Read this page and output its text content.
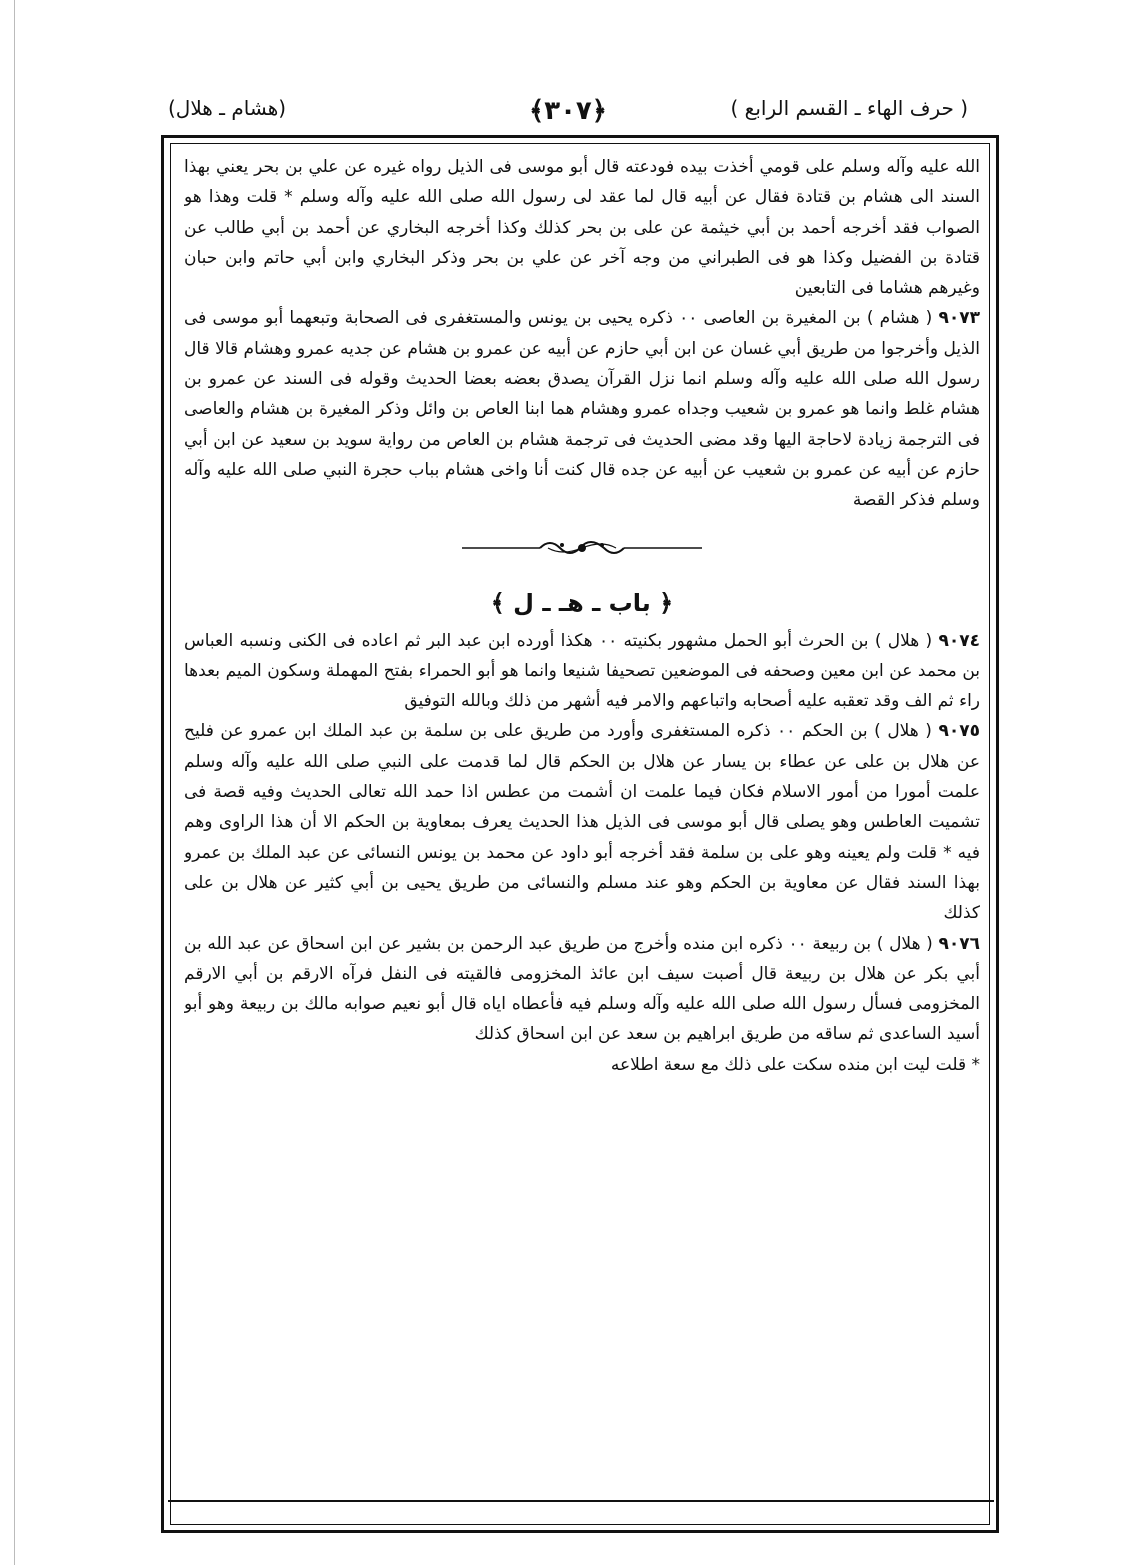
( حرف الهاء ـ القسم الرابع )
﴿٣٠٧﴾
(هشام ـ هلال)

الله عليه وآله وسلم على قومي أخذت بيده فودعته قال أبو موسى فى الذيل رواه غيره عن علي بن بحر يعني بهذا السند الى هشام بن قتادة فقال عن أبيه قال لما عقد لى رسول الله صلى الله عليه وآله وسلم * قلت وهذا هو الصواب فقد أخرجه أحمد بن أبي خيثمة عن على بن بحر كذلك وكذا أخرجه البخاري عن أحمد بن أبي طالب عن قتادة بن الفضيل وكذا هو فى الطبراني من وجه آخر عن علي بن بحر وذكر البخاري وابن أبي حاتم وابن حبان وغيرهم هشاما فى التابعين

٩٠٧٣ ( هشام ) بن المغيرة بن العاصى ٠٠ ذكره يحيى بن يونس والمستغفرى فى الصحابة وتبعهما أبو موسى فى الذيل وأخرجوا من طريق أبي غسان عن ابن أبي حازم عن أبيه عن عمرو بن هشام عن جديه عمرو وهشام قالا قال رسول الله صلى الله عليه وآله وسلم انما نزل القرآن يصدق بعضه بعضا الحديث وقوله فى السند عن عمرو بن هشام غلط وانما هو عمرو بن شعيب وجداه عمرو وهشام هما ابنا العاص بن وائل وذكر المغيرة بن هشام والعاصى فى الترجمة زيادة لاحاجة اليها وقد مضى الحديث فى ترجمة هشام بن العاص من رواية سويد بن سعيد عن ابن أبي حازم عن أبيه عن عمرو بن شعيب عن أبيه عن جده قال كنت أنا واخى هشام بباب حجرة النبي صلى الله عليه وآله وسلم فذكر القصة

﴿ باب ـ هـ ـ ل ﴾

٩٠٧٤ ( هلال ) بن الحرث أبو الحمل مشهور بكنيته ٠٠ هكذا أورده ابن عبد البر ثم اعاده فى الكنى ونسبه العباس بن محمد عن ابن معين وصحفه فى الموضعين تصحيفا شنيعا وانما هو أبو الحمراء بفتح المهملة وسكون الميم بعدها راء ثم الف وقد تعقبه عليه أصحابه واتباعهم والامر فيه أشهر من ذلك وبالله التوفيق

٩٠٧٥ ( هلال ) بن الحكم ٠٠ ذكره المستغفرى وأورد من طريق على بن سلمة بن عبد الملك ابن عمرو عن فليح عن هلال بن على عن عطاء بن يسار عن هلال بن الحكم قال لما قدمت على النبي صلى الله عليه وآله وسلم علمت أمورا من أمور الاسلام فكان فيما علمت ان أشمت من عطس اذا حمد الله تعالى الحديث وفيه قصة فى تشميت العاطس وهو يصلى قال أبو موسى فى الذيل هذا الحديث يعرف بمعاوية بن الحكم الا أن هذا الراوى وهم فيه * قلت ولم يعينه وهو على بن سلمة فقد أخرجه أبو داود عن محمد بن يونس النسائى عن عبد الملك بن عمرو بهذا السند فقال عن معاوية بن الحكم وهو عند مسلم والنسائى من طريق يحيى بن أبي كثير عن هلال بن على كذلك

٩٠٧٦ ( هلال ) بن ربيعة ٠٠ ذكره ابن منده وأخرج من طريق عبد الرحمن بن بشير عن ابن اسحاق عن عبد الله بن أبي بكر عن هلال بن ربيعة قال أصبت سيف ابن عائذ المخزومى فالقيته فى النفل فرآه الارقم بن أبي الارقم المخزومى فسأل رسول الله صلى الله عليه وآله وسلم فيه فأعطاه اياه قال أبو نعيم صوابه مالك بن ربيعة وهو أبو أسيد الساعدى ثم ساقه من طريق ابراهيم بن سعد عن ابن اسحاق كذلك

* قلت ليت ابن منده سكت على ذلك مع سعة اطلاعه
